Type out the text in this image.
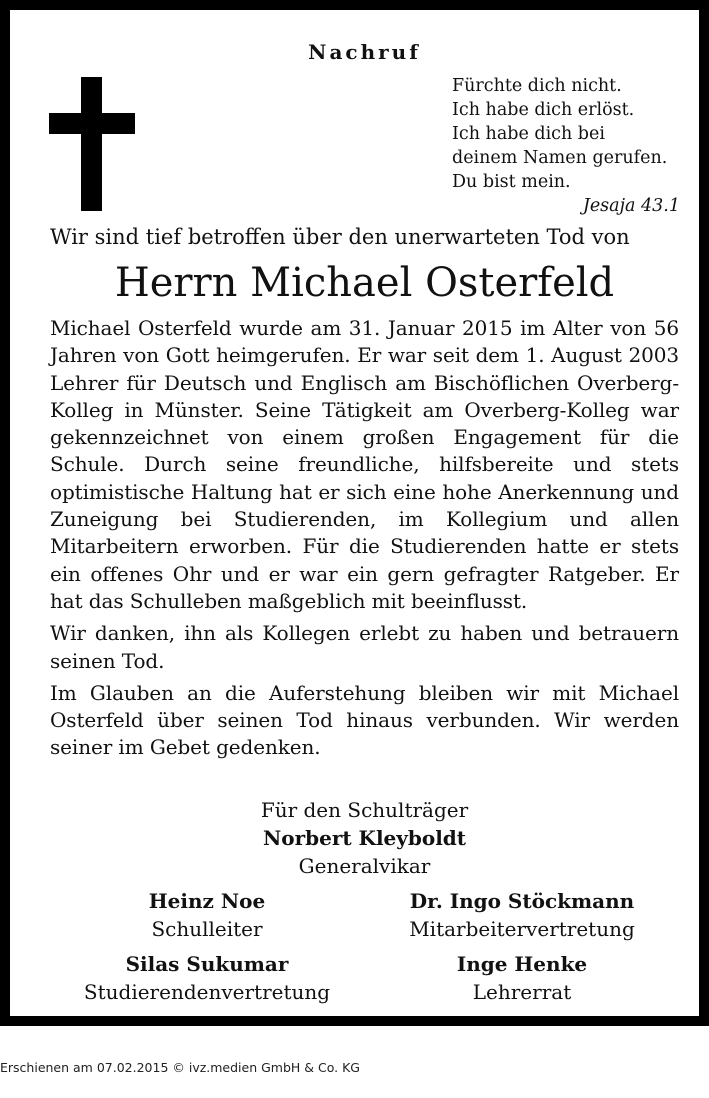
Nachruf
Fürchte dich nicht.
Ich habe dich erlöst.
Ich habe dich bei
deinem Namen gerufen.
Du bist mein.
Jesaja 43.1
Wir sind tief betroffen über den unerwarteten Tod von
Herrn Michael Osterfeld

Michael Osterfeld wurde am 31. Januar 2015 im Alter von 56 Jahren von Gott heimgerufen. Er war seit dem 1. August 2003 Lehrer für Deutsch und Englisch am Bischöflichen Overberg-Kolleg in Münster. Seine Tätigkeit am Overberg-Kolleg war gekennzeichnet von einem großen Engagement für die Schule. Durch seine freundliche, hilfsbereite und stets optimistische Haltung hat er sich eine hohe Anerkennung und Zuneigung bei Studierenden, im Kollegium und allen Mitarbeitern erworben. Für die Studierenden hatte er stets ein offenes Ohr und er war ein gern gefragter Ratgeber. Er hat das Schulleben maßgeblich mit beeinflusst.

Wir danken, ihn als Kollegen erlebt zu haben und betrauern seinen Tod.

Im Glauben an die Auferstehung bleiben wir mit Michael Osterfeld über seinen Tod hinaus verbunden. Wir werden seiner im Gebet gedenken.

Für den Schulträger
Norbert Kleyboldt
Generalvikar
Heinz Noe
Schulleiter
Dr. Ingo Stöckmann
Mitarbeitervertretung
Silas Sukumar
Studierendenvertretung
Inge Henke
Lehrerrat
Erschienen am 07.02.2015 © ivz.medien GmbH & Co. KG
